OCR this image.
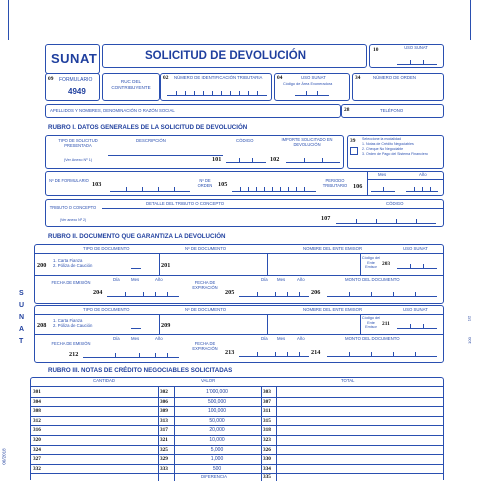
S
U
N
A
T
06/2018
1/2
100
SUNAT	SOLICITUD DE DEVOLUCIÓN	10	USO SUNAT
09 FORMULARIO
4949
RUC DEL CONTRIBUYENTE
02 NÚMERO DE IDENTIFICACIÓN TRIBUTARIA	04	USO SUNAT
Código de Área Exoneradora
34	NÚMERO DE ORDEN
APELLIDOS Y NOMBRES, DENOMINACIÓN O RAZÓN SOCIAL	28	TELÉFONO
RUBRO I. DATOS GENERALES DE LA SOLICITUD DE DEVOLUCIÓN
TIPO DE SOLICITUD PRESENTADA
(Ver Anexo Nº 1)
DESCRIPCIÓN	CÓDIGO	IMPORTE SOLICITADO EN DEVOLUCIÓN
101	102
39 Seleccione la modalidad
1. Notas de Crédito Negociables
2. Cheque No Negociable
3. Orden de Pago del Sistema Financiero
Nº DE FORMULARIO
103
Nº DE ORDEN 105
PERIODO TRIBUTARIO 106
Mes	Año
TRIBUTO O CONCEPTO
(Ver anexo Nº 2)
DETALLE DEL TRIBUTO O CONCEPTO	CÓDIGO
107
RUBRO II. DOCUMENTO QUE GARANTIZA LA DEVOLUCIÓN
TIPO DE DOCUMENTO	Nº DE DOCUMENTO	NOMBRE DEL ENTE EMISOR	USO SUNAT
200
1. Carta Fianza
2. Póliza de Caución	201
Código del Ente Emisor
203
FECHA DE EMISIÓN
204
Día	Mes	Año
FECHA DE EXPIRACIÓN
205
Día Mes	Año	MONTO DEL DOCUMENTO
206
TIPO DE DOCUMENTO	Nº DE DOCUMENTO	NOMBRE DEL ENTE EMISOR	USO SUNAT
208
1. Carta Fianza
2. Póliza de Caución	209
Código del Ente Emisor
211
FECHA DE EMISIÓN
212
Día	Mes	Año
FECHA DE EXPIRACIÓN
213
Día Mes	Año	MONTO DEL DOCUMENTO
214
RUBRO III. NOTAS DE CRÉDITO NEGOCIABLES SOLICITADAS
CANTIDAD	VALOR	TOTAL
301	302	1'000,000	303
304	306	500,000	307
308	309	100,000	311
312	313	50,000	315
316	317	20,000	318
320	321	10,000	323
324	325	5,000	326
327	329	1,000	330
332	333	500	334
DIFERENCIA	335
